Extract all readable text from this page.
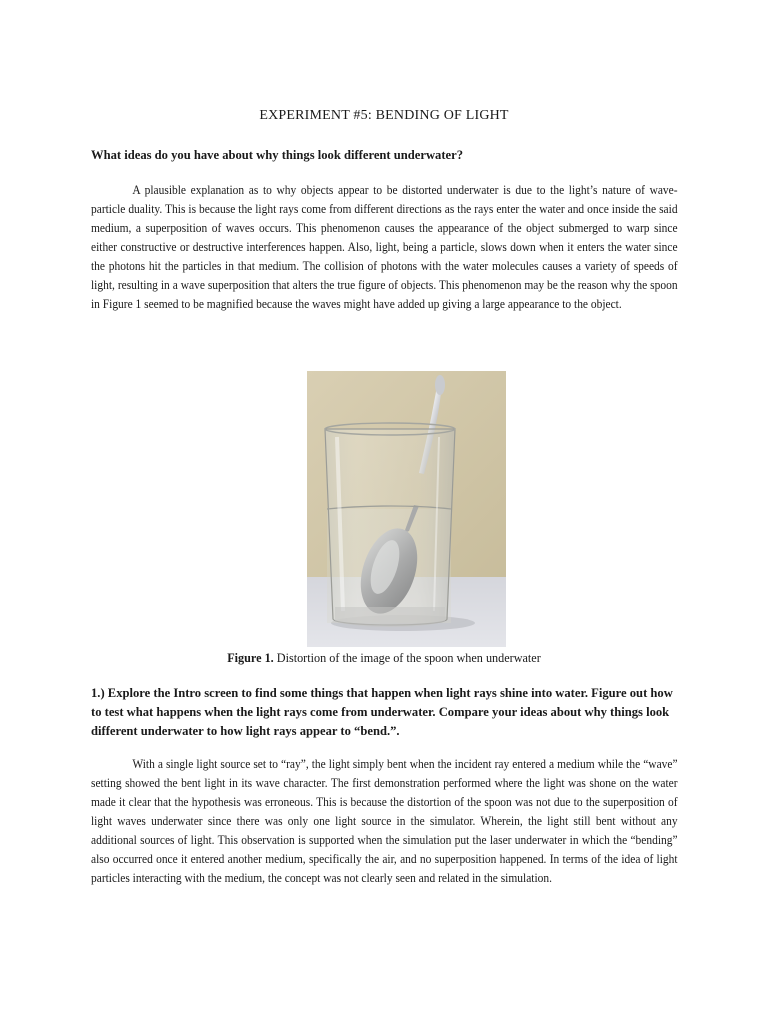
EXPERIMENT #5: BENDING OF LIGHT
What ideas do you have about why things look different underwater?
A plausible explanation as to why objects appear to be distorted underwater is due to the light’s nature of wave-particle duality. This is because the light rays come from different directions as the rays enter the water and once inside the said medium, a superposition of waves occurs. This phenomenon causes the appearance of the object submerged to warp since either constructive or destructive interferences happen. Also, light, being a particle, slows down when it enters the water since the photons hit the particles in that medium. The collision of photons with the water molecules causes a variety of speeds of light, resulting in a wave superposition that alters the true figure of objects. This phenomenon may be the reason why the spoon in Figure 1 seemed to be magnified because the waves might have added up giving a large appearance to the object.
Figure 1. Distortion of the image of the spoon when underwater
1.) Explore the Intro screen to find some things that happen when light rays shine into water. Figure out how to test what happens when the light rays come from underwater. Compare your ideas about why things look different underwater to how light rays appear to “bend.”.
With a single light source set to “ray”, the light simply bent when the incident ray entered a medium while the “wave” setting showed the bent light in its wave character. The first demonstration performed where the light was shone on the water made it clear that the hypothesis was erroneous. This is because the distortion of the spoon was not due to the superposition of light waves underwater since there was only one light source in the simulator. Wherein, the light still bent without any additional sources of light. This observation is supported when the simulation put the laser underwater in which the “bending” also occurred once it entered another medium, specifically the air, and no superposition happened. In terms of the idea of light particles interacting with the medium, the concept was not clearly seen and related in the simulation.
